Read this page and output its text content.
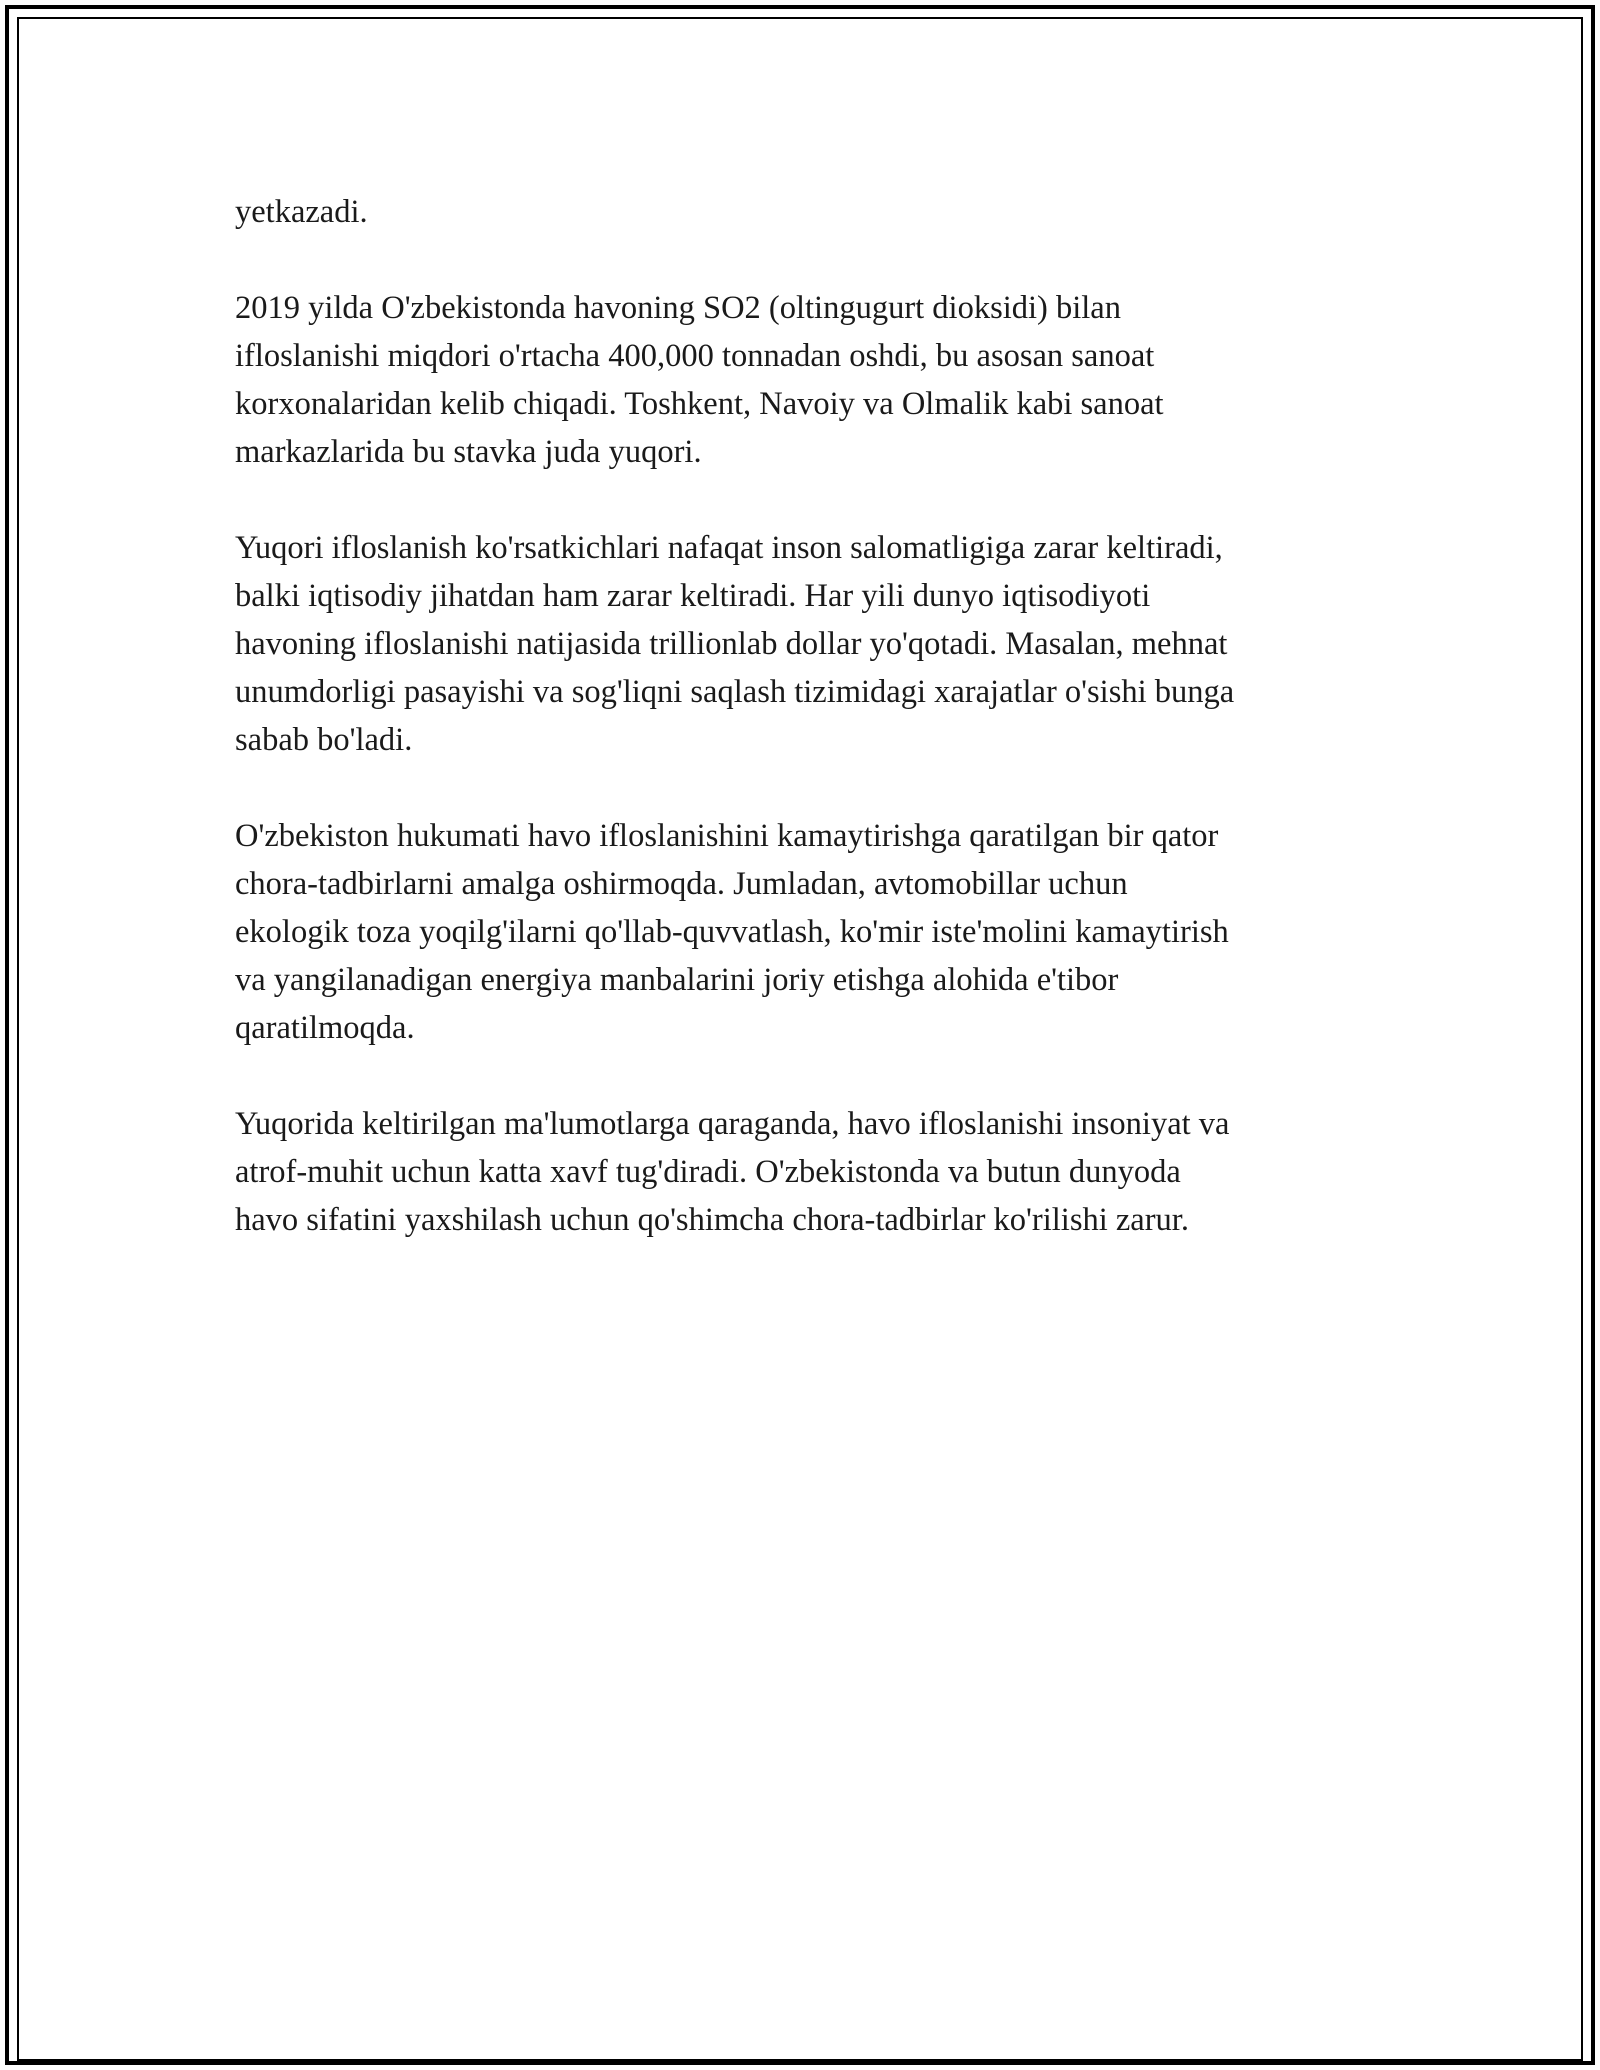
yetkazadi.

2019 yilda O'zbekistonda havoning SO2 (oltingugurt dioksidi) bilan
ifloslanishi miqdori o'rtacha 400,000 tonnadan oshdi, bu asosan sanoat
korxonalaridan kelib chiqadi. Toshkent, Navoiy va Olmalik kabi sanoat
markazlarida bu stavka juda yuqori.

Yuqori ifloslanish ko'rsatkichlari nafaqat inson salomatligiga zarar keltiradi,
balki iqtisodiy jihatdan ham zarar keltiradi. Har yili dunyo iqtisodiyoti
havoning ifloslanishi natijasida trillionlab dollar yo'qotadi. Masalan, mehnat
unumdorligi pasayishi va sog'liqni saqlash tizimidagi xarajatlar o'sishi bunga
sabab bo'ladi.

O'zbekiston hukumati havo ifloslanishini kamaytirishga qaratilgan bir qator
chora-tadbirlarni amalga oshirmoqda. Jumladan, avtomobillar uchun
ekologik toza yoqilg'ilarni qo'llab-quvvatlash, ko'mir iste'molini kamaytirish
va yangilanadigan energiya manbalarini joriy etishga alohida e'tibor
qaratilmoqda.

Yuqorida keltirilgan ma'lumotlarga qaraganda, havo ifloslanishi insoniyat va
atrof-muhit uchun katta xavf tug'diradi. O'zbekistonda va butun dunyoda
havo sifatini yaxshilash uchun qo'shimcha chora-tadbirlar ko'rilishi zarur.
